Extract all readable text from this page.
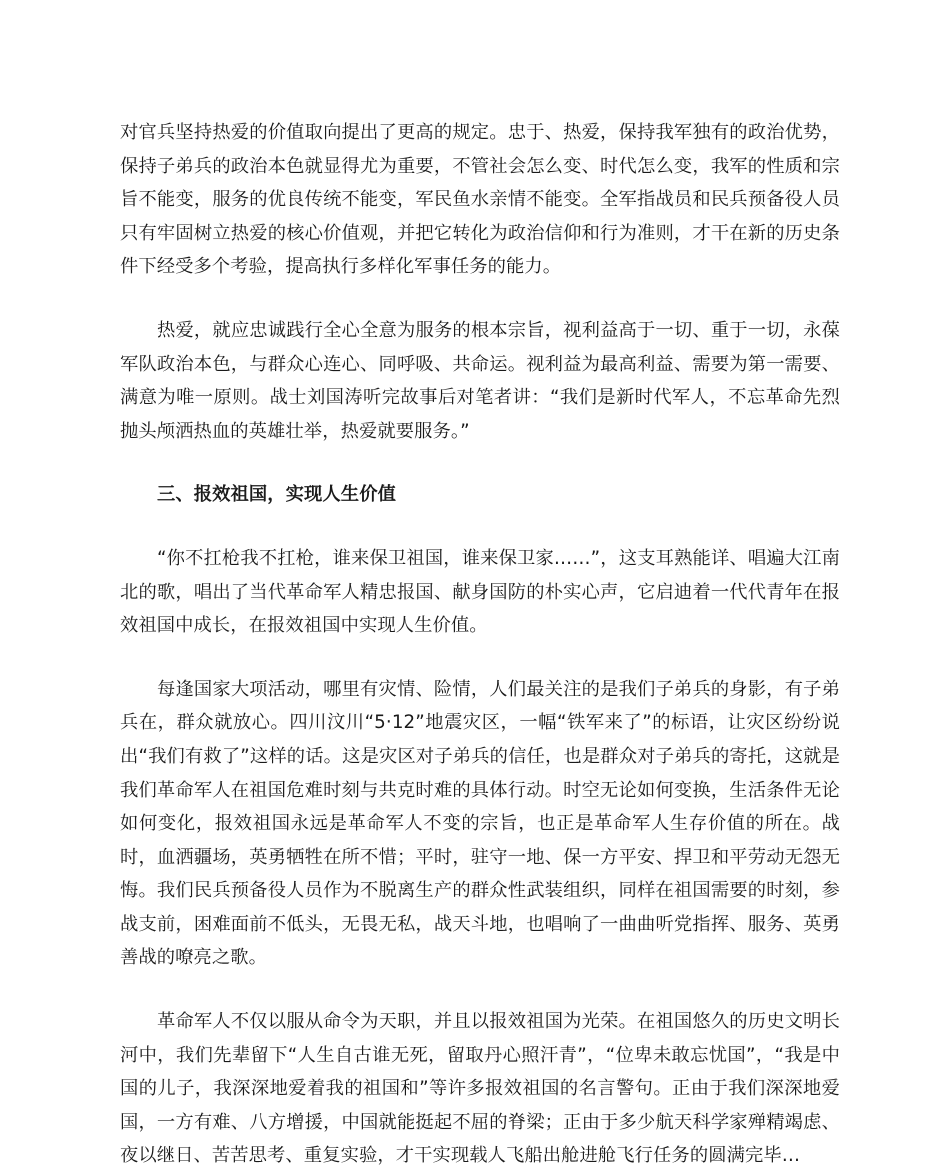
对官兵坚持热爱的价值取向提出了更高的规定。忠于、热爱，保持我军独有的政治优势，保持子弟兵的政治本色就显得尤为重要，不管社会怎么变、时代怎么变，我军的性质和宗旨不能变，服务的优良传统不能变，军民鱼水亲情不能变。全军指战员和民兵预备役人员只有牢固树立热爱的核心价值观，并把它转化为政治信仰和行为准则，才干在新的历史条件下经受多个考验，提高执行多样化军事任务的能力。

热爱，就应忠诚践行全心全意为服务的根本宗旨，视利益高于一切、重于一切，永葆军队政治本色，与群众心连心、同呼吸、共命运。视利益为最高利益、需要为第一需要、满意为唯一原则。战士刘国涛听完故事后对笔者讲：“我们是新时代军人，不忘革命先烈抛头颅洒热血的英雄壮举，热爱就要服务。”

三、报效祖国，实现人生价值

“你不扛枪我不扛枪，谁来保卫祖国，谁来保卫家……”，这支耳熟能详、唱遍大江南北的歌，唱出了当代革命军人精忠报国、献身国防的朴实心声，它启迪着一代代青年在报效祖国中成长，在报效祖国中实现人生价值。

每逢国家大项活动，哪里有灾情、险情，人们最关注的是我们子弟兵的身影，有子弟兵在，群众就放心。四川汶川“5·12”地震灾区，一幅“铁军来了”的标语，让灾区纷纷说出“我们有救了”这样的话。这是灾区对子弟兵的信任，也是群众对子弟兵的寄托，这就是我们革命军人在祖国危难时刻与共克时难的具体行动。时空无论如何变换，生活条件无论如何变化，报效祖国永远是革命军人不变的宗旨，也正是革命军人生存价值的所在。战时，血洒疆场，英勇牺牲在所不惜；平时，驻守一地、保一方平安、捍卫和平劳动无怨无悔。我们民兵预备役人员作为不脱离生产的群众性武装组织，同样在祖国需要的时刻，参战支前，困难面前不低头，无畏无私，战天斗地，也唱响了一曲曲听党指挥、服务、英勇善战的嘹亮之歌。

革命军人不仅以服从命令为天职，并且以报效祖国为光荣。在祖国悠久的历史文明长河中，我们先辈留下“人生自古谁无死，留取丹心照汗青”，“位卑未敢忘忧国”，“我是中国的儿子，我深深地爱着我的祖国和”等许多报效祖国的名言警句。正由于我们深深地爱国，一方有难、八方增援，中国就能挺起不屈的脊梁；正由于多少航天科学家殚精竭虑、夜以继日、苦苦思考、重复实验，才干实现载人飞船出舱进舱飞行任务的圆满完毕…
